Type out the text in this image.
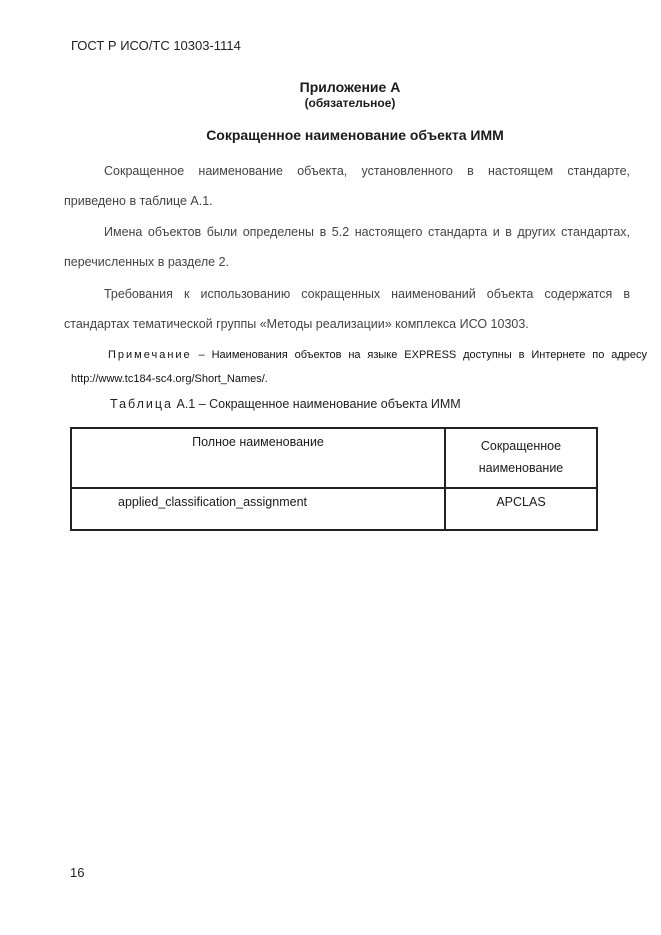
ГОСТ Р ИСО/ТС 10303-1114
Приложение А
(обязательное)
Сокращенное наименование объекта ИММ

Сокращенное наименование объекта, установленного в настоящем стандарте, приведено в таблице А.1.

Имена объектов были определены в 5.2 настоящего стандарта и в других стандартах, перечисленных в разделе 2.

Требования к использованию сокращенных наименований объекта содержатся в стандартах тематической группы «Методы реализации» комплекса ИСО 10303.

Примечание – Наименования объектов на языке EXPRESS доступны в Интернете по адресу http://www.tc184-sc4.org/Short_Names/.

Таблица А.1 – Сокращенное наименование объекта ИММ
Полное наименование	Сокращенное наименование
applied_classification_assignment	APCLAS
16
